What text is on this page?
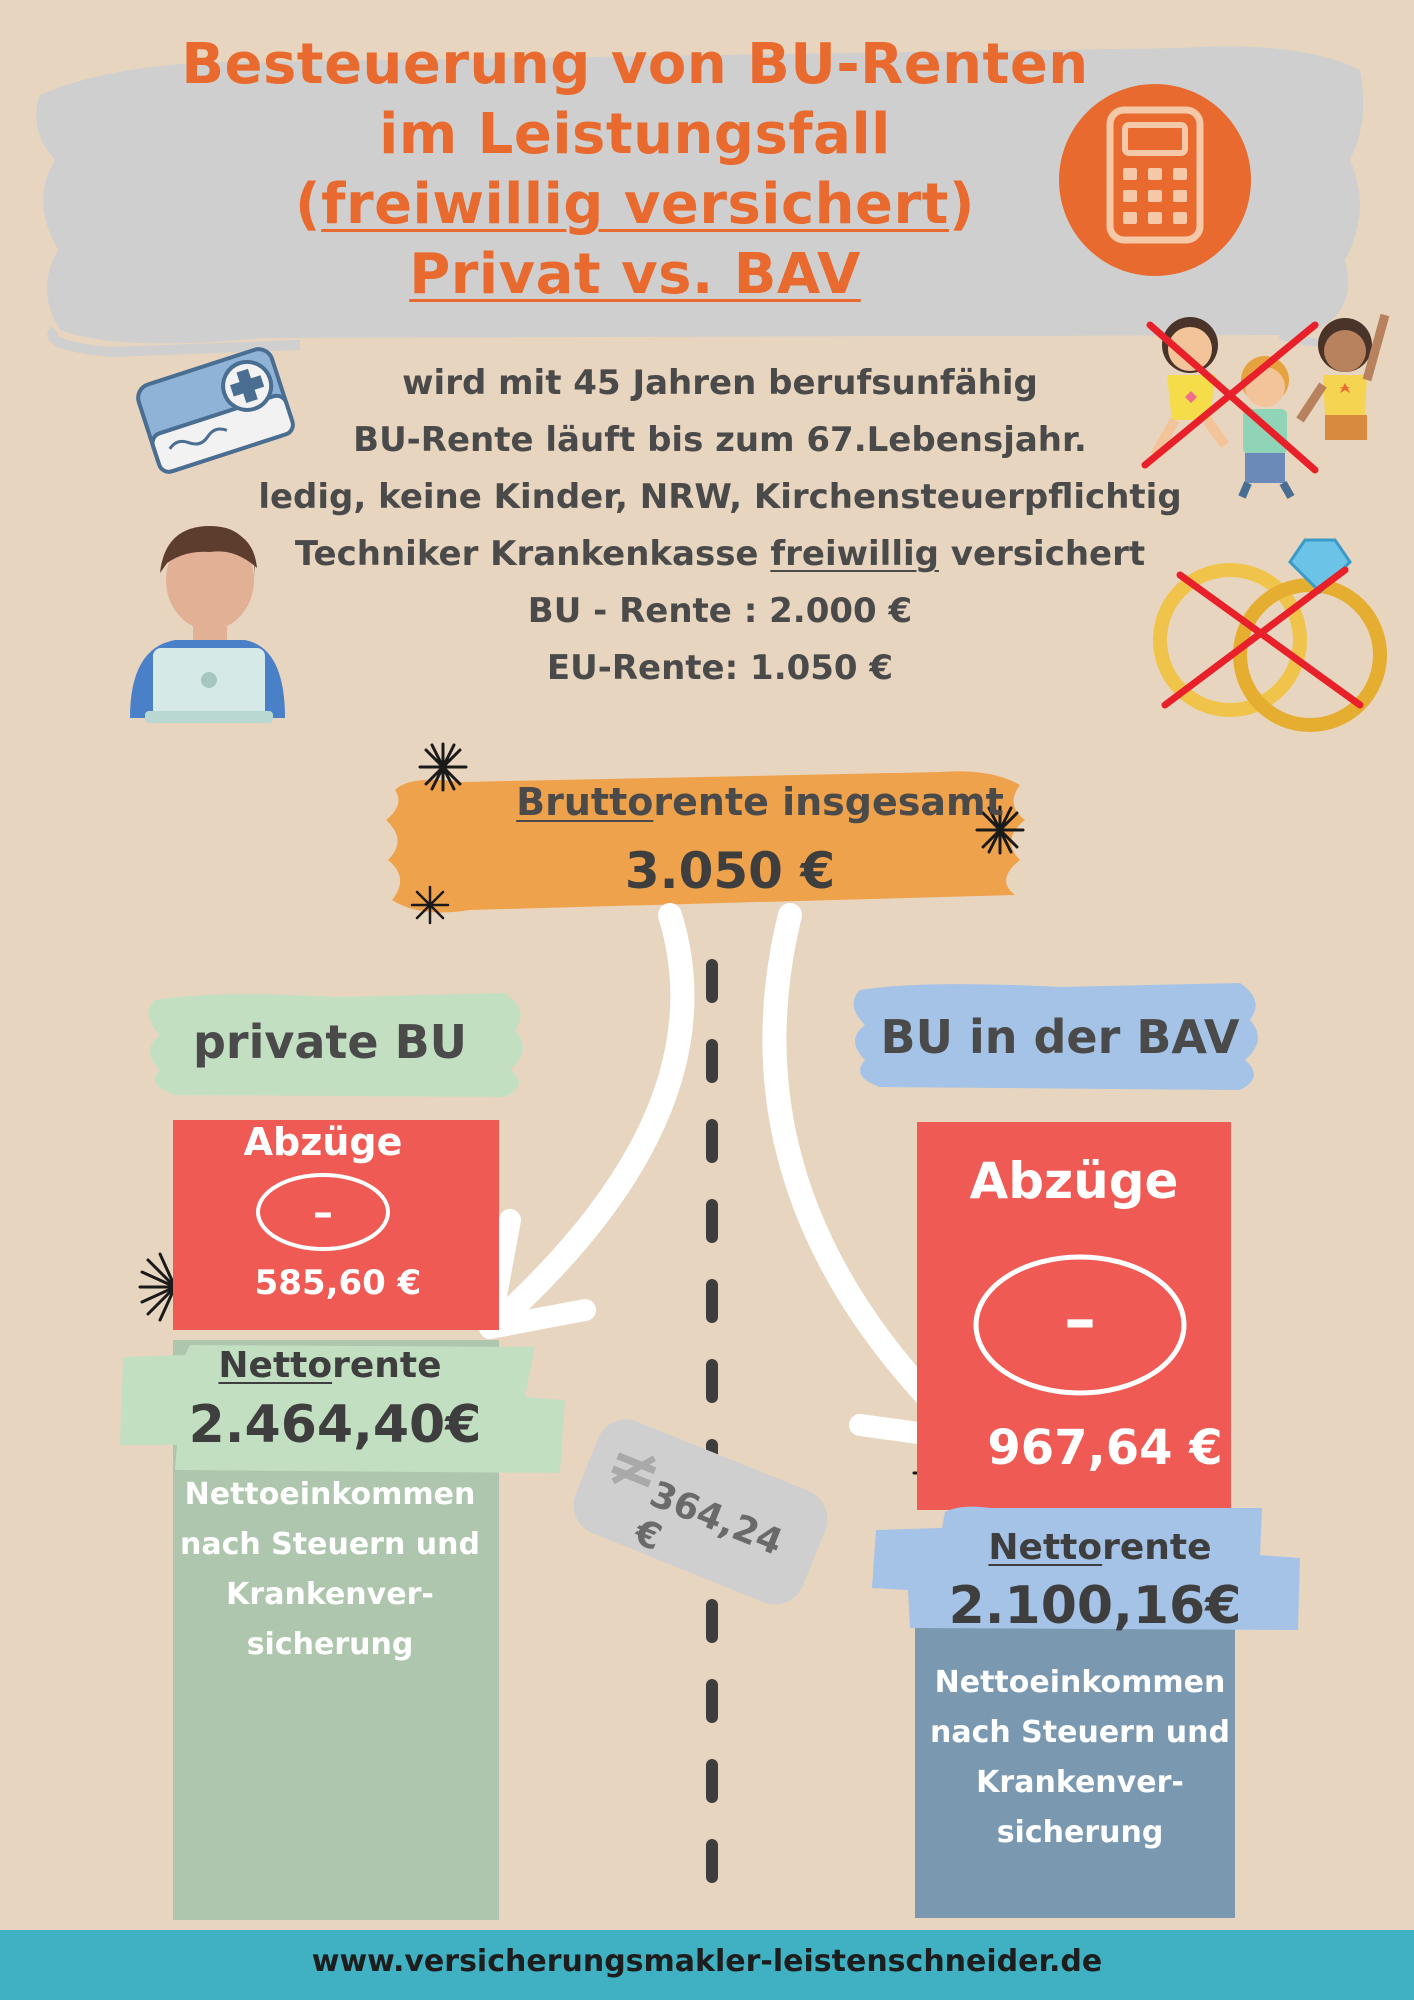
Besteuerung von BU-Renten
im Leistungsfall
(freiwillig versichert)
Privat vs. BAV
wird mit 45 Jahren berufsunfähig
BU-Rente läuft bis zum 67.Lebensjahr.
ledig, keine Kinder, NRW, Kirchensteuerpflichtig
Techniker Krankenkasse freiwillig versichert
BU - Rente : 2.000 €
EU-Rente: 1.050 €
Bruttorente insgesamt
3.050 €
private BU	BU in der BAV
Abzüge
–
585,60 €
Nettorente
2.464,40€
Nettoeinkommen
nach Steuern und
Krankenver-
sicherung
Abzüge
–
967,64 €
Nettorente
2.100,16€
Nettoeinkommen
nach Steuern und
Krankenver-
sicherung
≠
364,24 €
www.versicherungsmakler-leistenschneider.de
